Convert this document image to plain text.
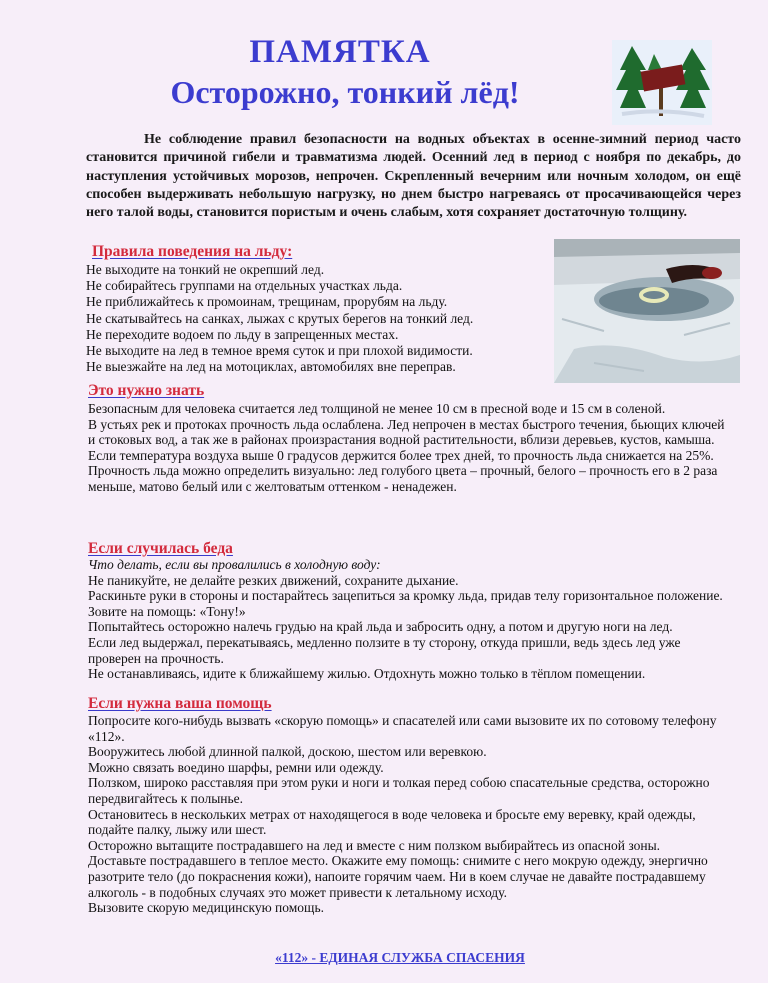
ПАМЯТКА
Осторожно, тонкий лёд!
Не соблюдение правил безопасности на водных объектах в осенне-зимний период часто становится причиной гибели и травматизма людей. Осенний лед в период с ноября по декабрь, до наступления устойчивых морозов, непрочен. Скрепленный вечерним или ночным холодом, он ещё способен выдерживать небольшую нагрузку, но днем быстро нагреваясь от просачивающейся через него талой воды, становится пористым и очень слабым, хотя сохраняет достаточную толщину.
Правила поведения на льду:
Не выходите на тонкий не окрепший лед.
Не собирайтесь группами на отдельных участках льда.
Не приближайтесь к промоинам, трещинам, прорубям на льду.
Не скатывайтесь на санках, лыжах с крутых берегов на тонкий лед.
Не переходите водоем по льду в запрещенных местах.
Не выходите на лед в темное время суток и при плохой видимости.
Не выезжайте на лед на мотоциклах, автомобилях вне переправ.
Это нужно знать

Безопасным для человека считается лед толщиной не менее 10 см в пресной воде и 15 см в соленой.

В устьях рек и протоках прочность льда ослаблена. Лед непрочен в местах быстрого течения, бьющих ключей и стоковых вод, а так же в районах произрастания водной растительности, вблизи деревьев, кустов, камыша.

Если температура воздуха выше 0 градусов держится более трех дней, то прочность льда снижается на 25%.

Прочность льда можно определить визуально: лед голубого цвета – прочный, белого – прочность его в 2 раза меньше, матово белый или с желтоватым оттенком - ненадежен.

Если случилась беда

Что делать, если вы провалились в холодную воду:

Не паникуйте, не делайте резких движений, сохраните дыхание.

Раскиньте руки в стороны и постарайтесь зацепиться за кромку льда, придав телу горизонтальное положение. Зовите на помощь: «Тону!»

Попытайтесь осторожно налечь грудью на край льда и забросить одну, а потом и другую ноги на лед.

Если лед выдержал, перекатываясь, медленно ползите в ту сторону, откуда пришли, ведь здесь лед уже проверен на прочность.

Не останавливаясь, идите к ближайшему жилью. Отдохнуть можно только в тёплом помещении.

Если нужна ваша помощь

Попросите кого-нибудь вызвать «скорую помощь» и спасателей или сами вызовите их по сотовому телефону «112».

Вооружитесь любой длинной палкой, доскою, шестом или веревкою.

Можно связать воедино шарфы, ремни или одежду.

Ползком, широко расставляя при этом руки и ноги и толкая перед собою спасательные средства, осторожно передвигайтесь к полынье.

Остановитесь в нескольких метрах от находящегося в воде человека и бросьте ему веревку, край одежды, подайте палку, лыжу или шест.

Осторожно вытащите пострадавшего на лед и вместе с ним ползком выбирайтесь из опасной зоны.

Доставьте пострадавшего в теплое место. Окажите ему помощь: снимите с него мокрую одежду, энергично разотрите тело (до покраснения кожи), напоите горячим чаем. Ни в коем случае не давайте пострадавшему алкоголь - в подобных случаях это может привести к летальному исходу.

Вызовите скорую медицинскую помощь.

«112» - ЕДИНАЯ СЛУЖБА СПАСЕНИЯ
